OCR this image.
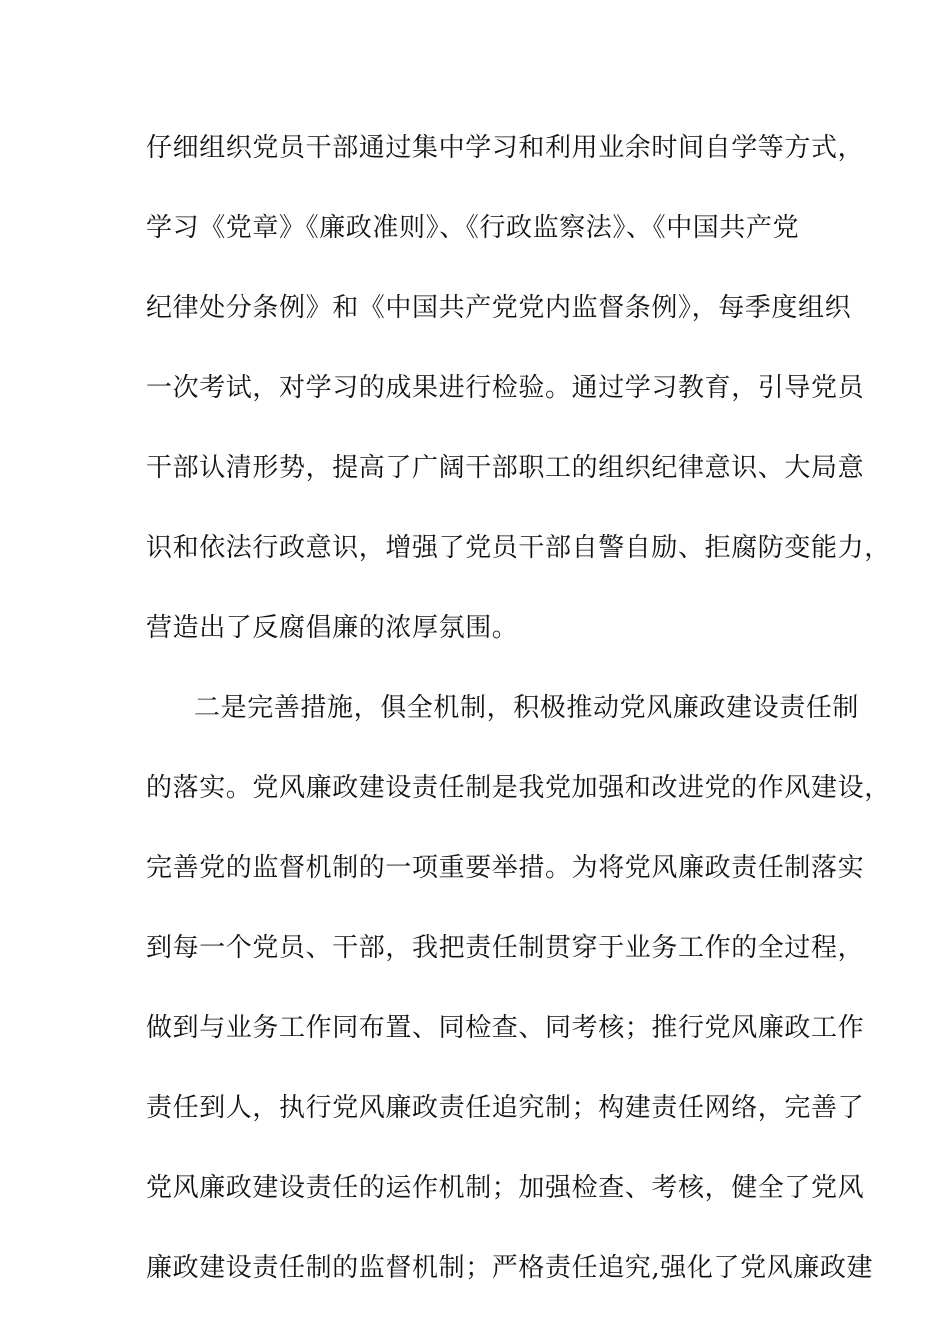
仔细组织党员干部通过集中学习和利用业余时间自学等方式，
学习《党章》《廉政准则》、《行政监察法》、《中国共产党
纪律处分条例》和《中国共产党党内监督条例》，每季度组织
一次考试，对学习的成果进行检验。通过学习教育，引导党员
干部认清形势，提高了广阔干部职工的组织纪律意识、大局意
识和依法行政意识，增强了党员干部自警自励、拒腐防变能力，
营造出了反腐倡廉的浓厚氛围。
二是完善措施，俱全机制，积极推动党风廉政建设责任制
的落实。党风廉政建设责任制是我党加强和改进党的作风建设，
完善党的监督机制的一项重要举措。为将党风廉政责任制落实
到每一个党员、干部，我把责任制贯穿于业务工作的全过程，
做到与业务工作同布置、同检查、同考核；推行党风廉政工作
责任到人，执行党风廉政责任追究制；构建责任网络，完善了
党风廉政建设责任的运作机制；加强检查、考核，健全了党风
廉政建设责任制的监督机制；严格责任追究,强化了党风廉政建
